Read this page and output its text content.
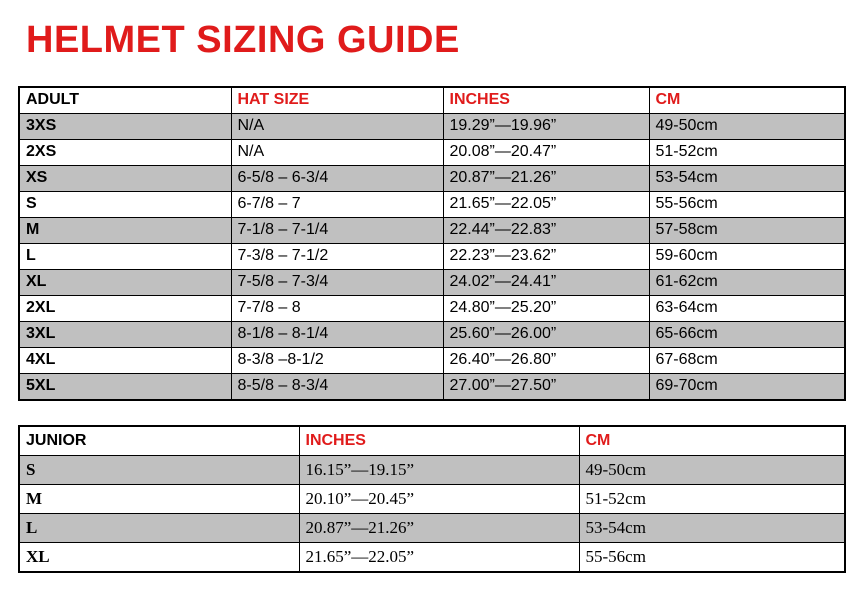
HELMET SIZING GUIDE
ADULT	HAT SIZE	INCHES	CM
3XS	N/A	19.29”—19.96”	49-50cm
2XS	N/A	20.08”—20.47”	51-52cm
XS	6-5/8 – 6-3/4	20.87”—21.26”	53-54cm
S	6-7/8 – 7	21.65”—22.05”	55-56cm
M	7-1/8 – 7-1/4	22.44”—22.83”	57-58cm
L	7-3/8 – 7-1/2	22.23”—23.62”	59-60cm
XL	7-5/8 – 7-3/4	24.02”—24.41”	61-62cm
2XL	7-7/8 – 8	24.80”—25.20”	63-64cm
3XL	8-1/8 – 8-1/4	25.60”—26.00”	65-66cm
4XL	8-3/8 –8-1/2	26.40”—26.80”	67-68cm
5XL	8-5/8 – 8-3/4	27.00”—27.50”	69-70cm
JUNIOR	INCHES	CM
S	16.15”—19.15”	49-50cm
M	20.10”—20.45”	51-52cm
L	20.87”—21.26”	53-54cm
XL	21.65”—22.05”	55-56cm
